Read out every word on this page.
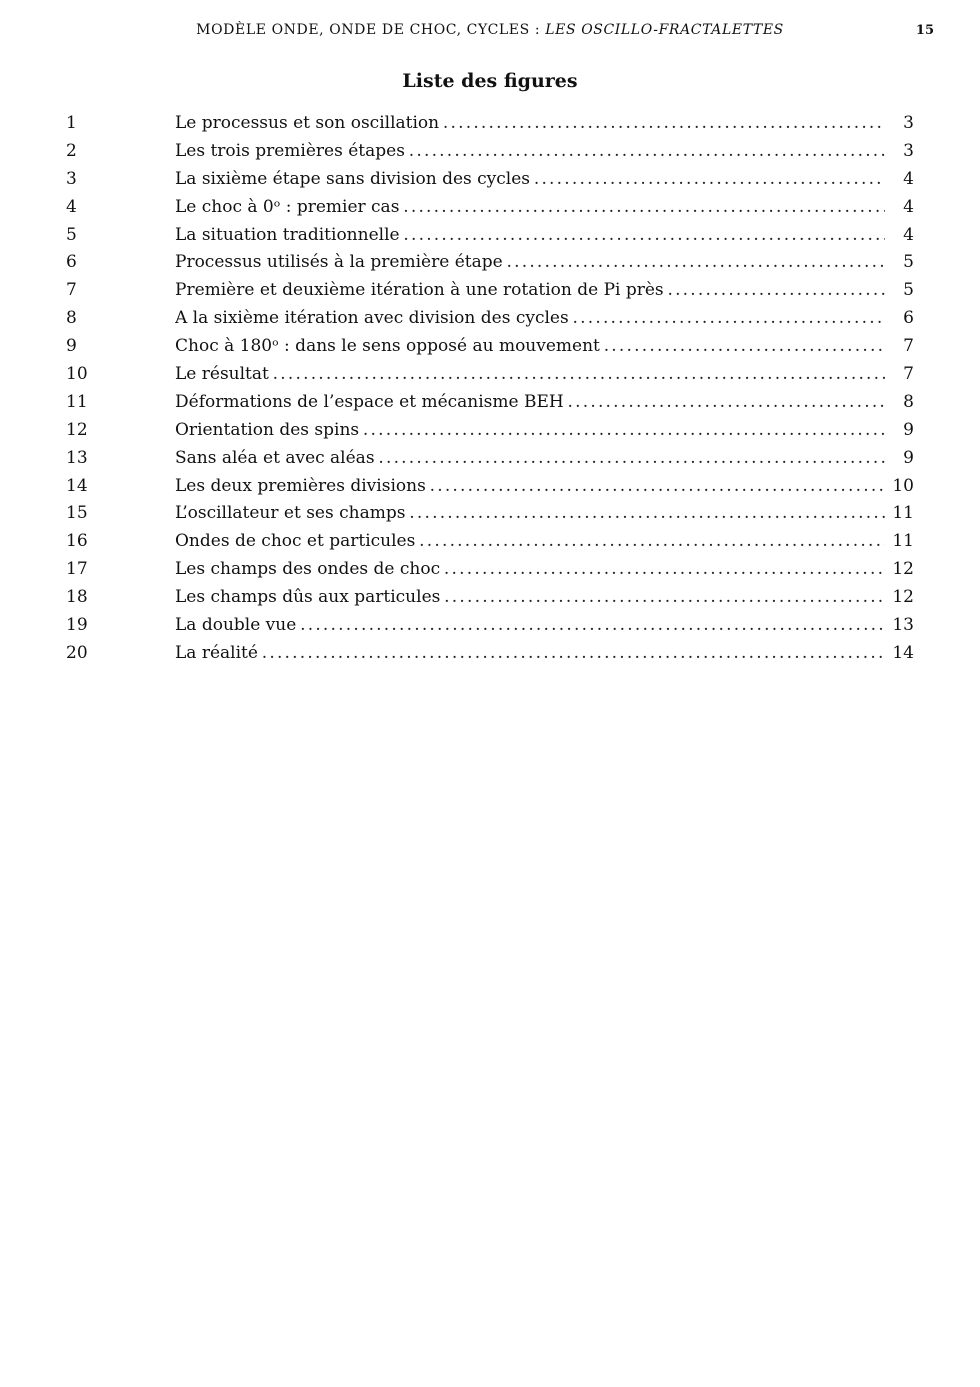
MODÈLE ONDE, ONDE DE CHOC, CYCLES : LES OSCILLO-FRACTALETTES	15
Liste des figures
1	Le processus et son oscillation . . .	3
2	Les trois premières étapes . . .	3
3	La sixième étape sans division des cycles . . .	4
4	Le choc à 0ᵒ : premier cas . . .	4
5	La situation traditionnelle . . .	4
6	Processus utilisés à la première étape . . .	5
7	Première et deuxième itération à une rotation de Pi près . . .	5
8	A la sixième itération avec division des cycles . . .	6
9	Choc à 180ᵒ : dans le sens opposé au mouvement . . .	7
10	Le résultat . . .	7
11	Déformations de l’espace et mécanisme BEH . . .	8
12	Orientation des spins . . .	9
13	Sans aléa et avec aléas . . .	9
14	Les deux premières divisions . . .	10
15	L’oscillateur et ses champs . . .	11
16	Ondes de choc et particules . . .	11
17	Les champs des ondes de choc . . .	12
18	Les champs dûs aux particules . . .	12
19	La double vue . . .	13
20	La réalité . . .	14
